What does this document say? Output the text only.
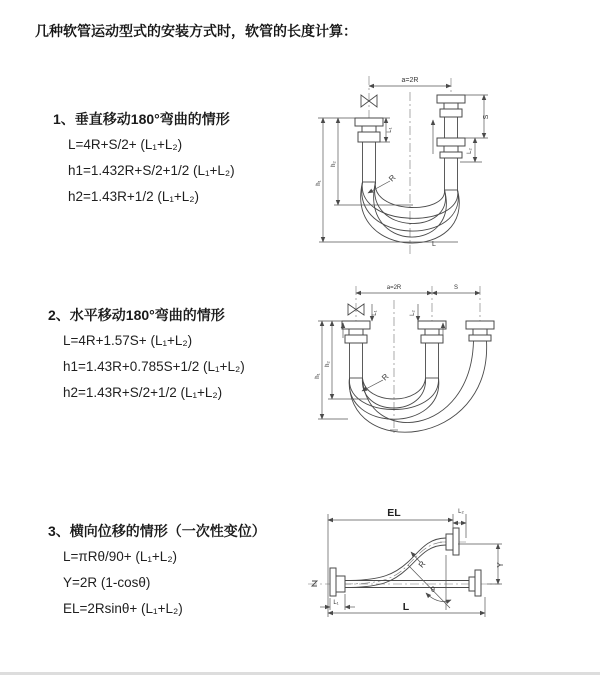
几种软管运动型式的安装方式时，软管的长度计算：
1、垂直移动180°弯曲的情形
L=4R+S/2+ (L₁+L₂)
h1=1.432R+S/2+1/2 (L₁+L₂)
h2=1.43R+1/2 (L₁+L₂)
2、水平移动180°弯曲的情形
L=4R+1.57S+ (L₁+L₂)
h1=1.43R+0.785S+1/2 (L₁+L₂)
h2=1.43R+S/2+1/2 (L₁+L₂)
3、横向位移的情形（一次性变位）
L=πRθ/90+ (L₁+L₂)
Y=2R (1-cosθ)
EL=2Rsinθ+ (L₁+L₂)
a=2R
h₁
h₂
L₁
S
L₂
R
L
a=2R	S
h₁
h₂
L₁	L₂
R
EL	L₂
Y
L
L₁
θ
R
